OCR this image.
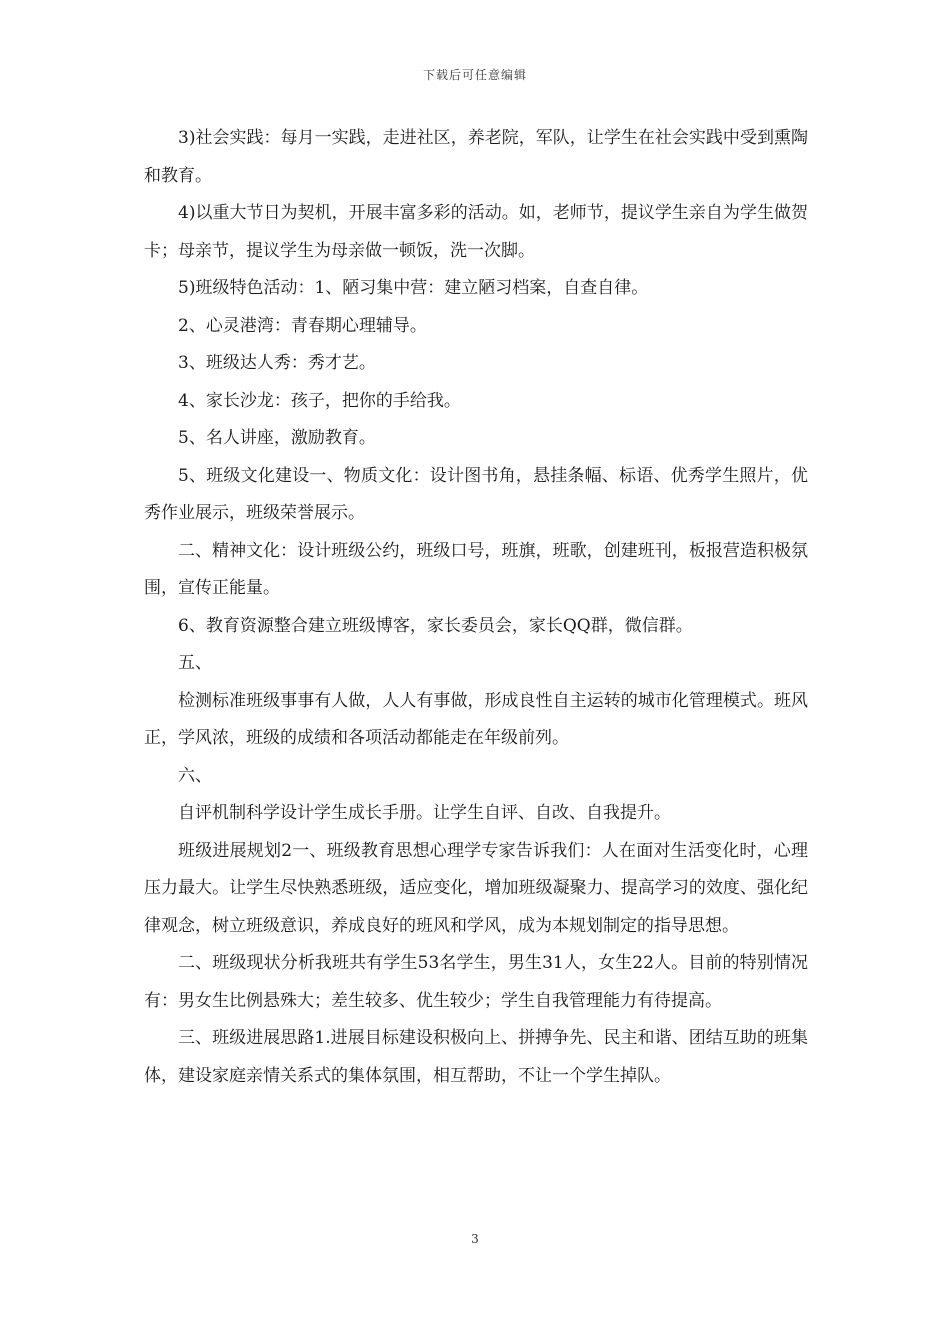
下载后可任意编辑

3)社会实践：每月一实践，走进社区，养老院，军队，让学生在社会实践中受到熏陶和教育。

4)以重大节日为契机，开展丰富多彩的活动。如，老师节，提议学生亲自为学生做贺卡；母亲节，提议学生为母亲做一顿饭，洗一次脚。

5)班级特色活动：1、陋习集中营：建立陋习档案，自查自律。

2、心灵港湾：青春期心理辅导。

3、班级达人秀：秀才艺。

4、家长沙龙：孩子，把你的手给我。

5、名人讲座，激励教育。

5、班级文化建设一、物质文化：设计图书角，悬挂条幅、标语、优秀学生照片，优秀作业展示，班级荣誉展示。

二、精神文化：设计班级公约，班级口号，班旗，班歌，创建班刊，板报营造积极氛围，宣传正能量。

6、教育资源整合建立班级博客，家长委员会，家长QQ群，微信群。

五、

检测标准班级事事有人做，人人有事做，形成良性自主运转的城市化管理模式。班风正，学风浓，班级的成绩和各项活动都能走在年级前列。

六、

自评机制科学设计学生成长手册。让学生自评、自改、自我提升。

班级进展规划2一、班级教育思想心理学专家告诉我们：人在面对生活变化时，心理压力最大。让学生尽快熟悉班级，适应变化，增加班级凝聚力、提高学习的效度、强化纪律观念，树立班级意识，养成良好的班风和学风，成为本规划制定的指导思想。

二、班级现状分析我班共有学生53名学生，男生31人，女生22人。目前的特别情况有：男女生比例悬殊大；差生较多、优生较少；学生自我管理能力有待提高。

三、班级进展思路1.进展目标建设积极向上、拼搏争先、民主和谐、团结互助的班集体，建设家庭亲情关系式的集体氛围，相互帮助，不让一个学生掉队。

3
